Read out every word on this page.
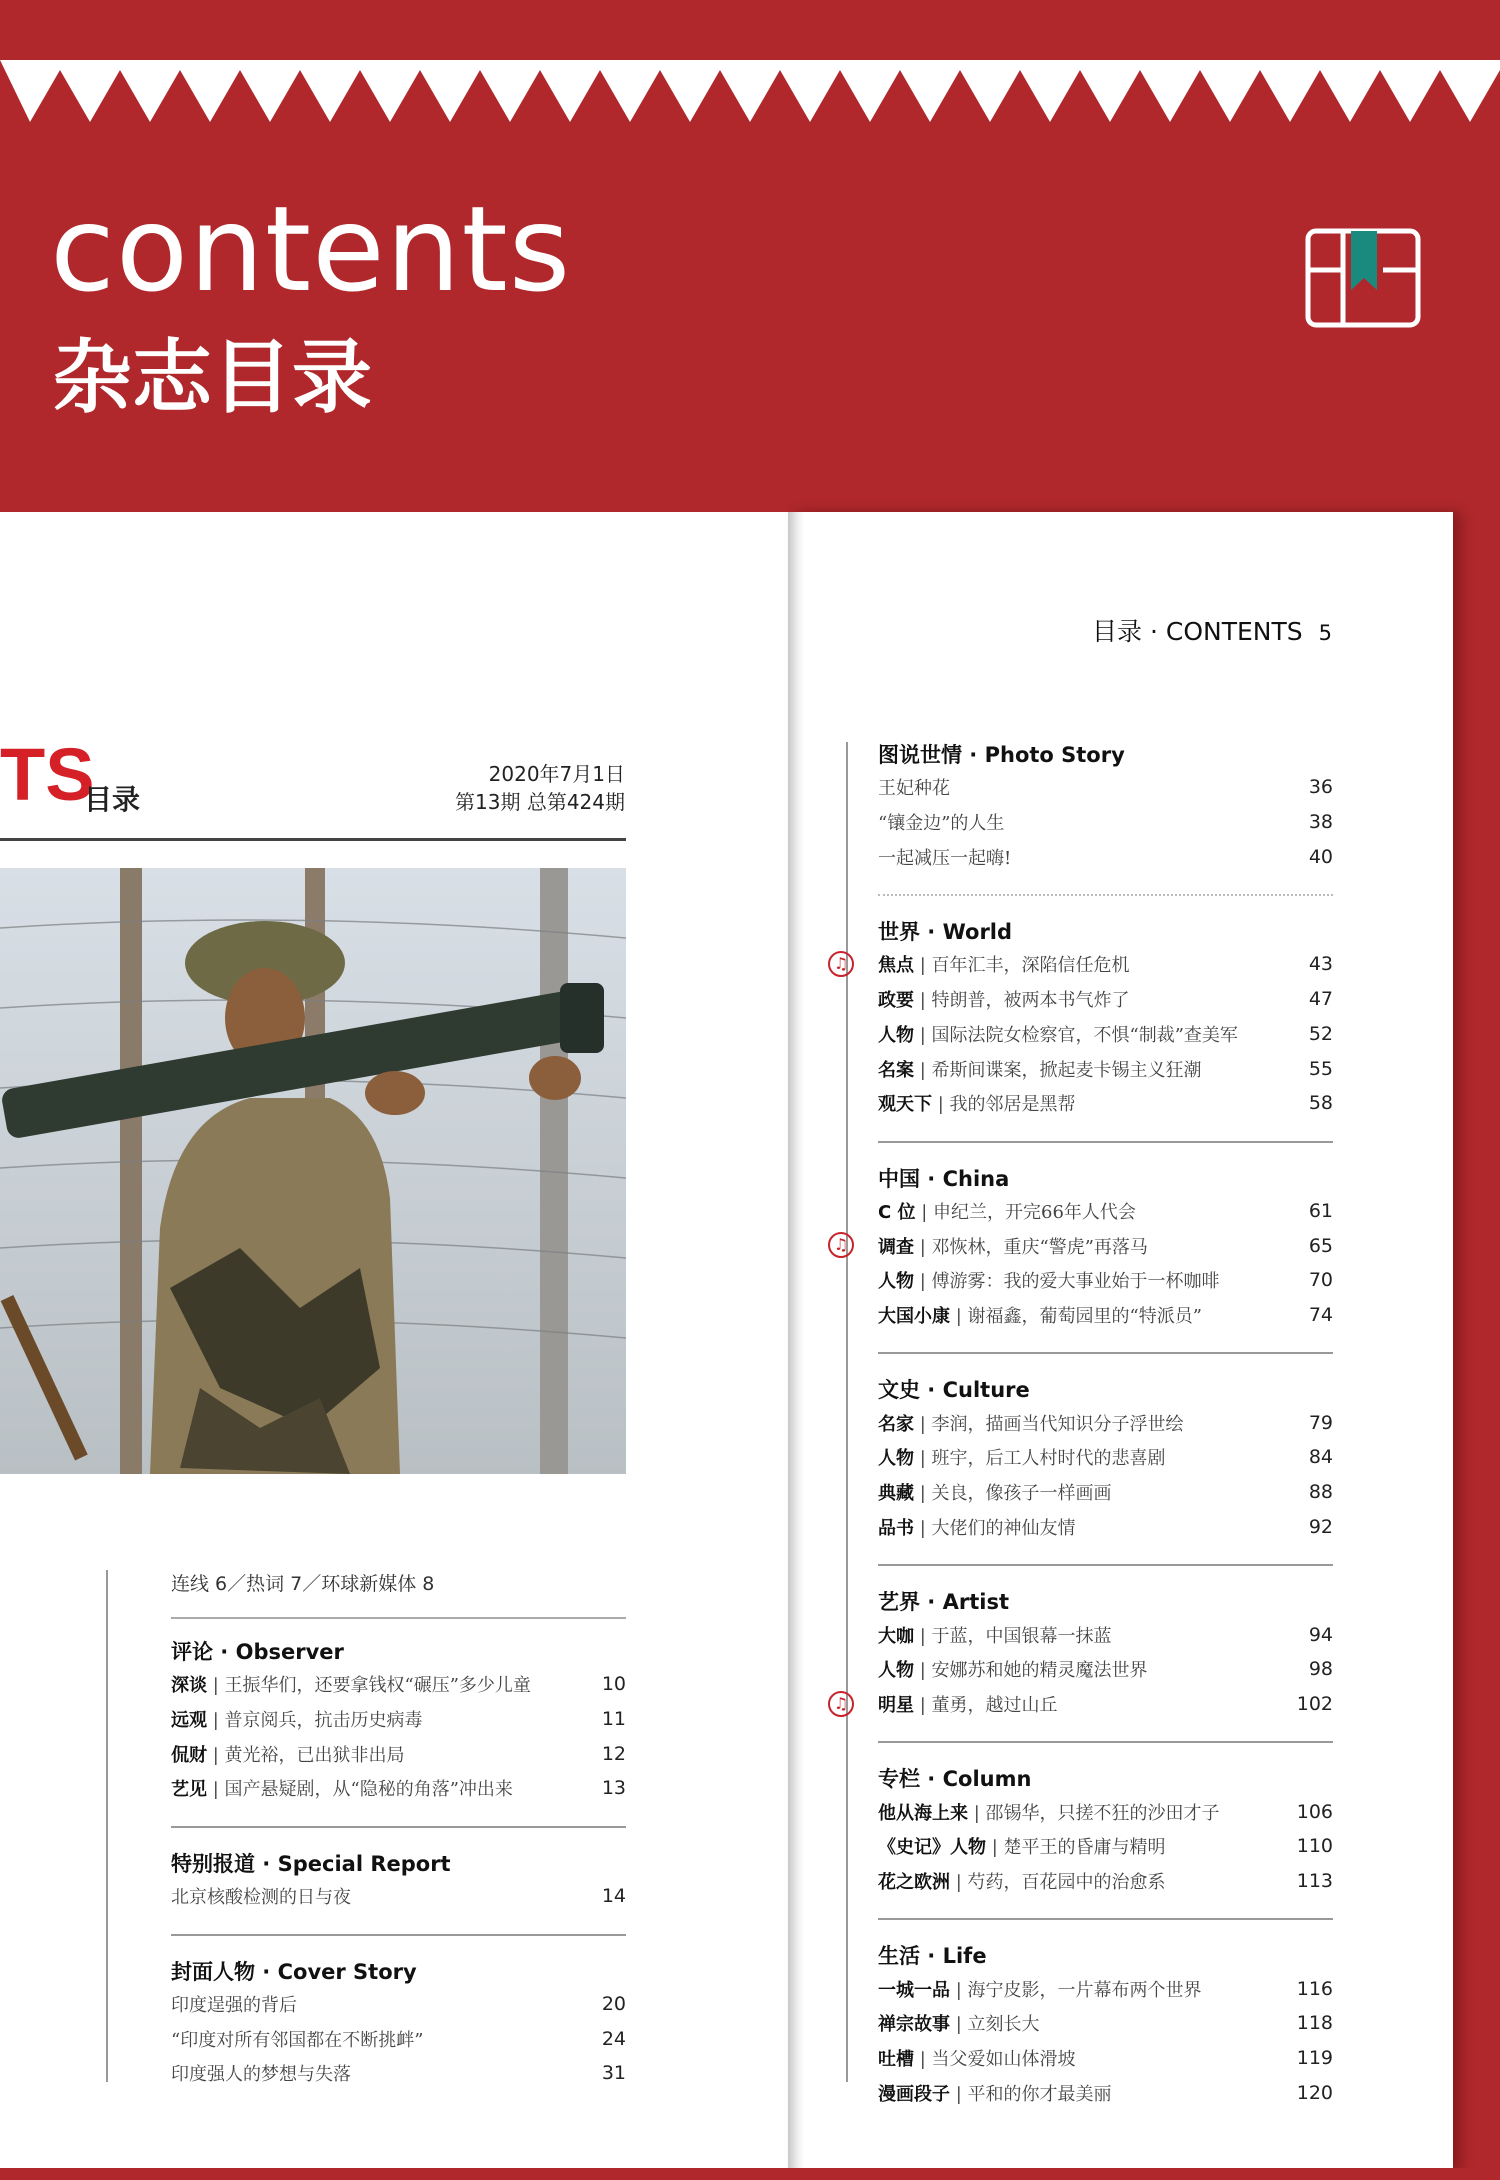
contents
杂志目录
TS
目录
2020年7月1日
第13期 总第424期
连线 6／热词 7／环球新媒体 8
评论 · Observer
深谈 | 王振华们，还要拿钱权“碾压”多少儿童	10
远观 | 普京阅兵，抗击历史病毒	11
侃财 | 黄光裕，已出狱非出局	12
艺见 | 国产悬疑剧，从“隐秘的角落”冲出来	13
特别报道 · Special Report
北京核酸检测的日与夜	14
封面人物 · Cover Story
印度逞强的背后	20
“印度对所有邻国都在不断挑衅”	24
印度强人的梦想与失落	31
目录 · CONTENTS 5
图说世情 · Photo Story
王妃种花	36
“镶金边”的人生	38
一起减压一起嗨!	40
世界 · World
♫	焦点 | 百年汇丰，深陷信任危机	43
政要 | 特朗普，被两本书气炸了	47
人物 | 国际法院女检察官，不惧“制裁”查美军	52
名案 | 希斯间谍案，掀起麦卡锡主义狂潮	55
观天下 | 我的邻居是黑帮	58
中国 · China
C 位 | 申纪兰，开完66年人代会	61
♫	调查 | 邓恢林，重庆“警虎”再落马	65
人物 | 傅游雾：我的爱大事业始于一杯咖啡	70
大国小康 | 谢福鑫，葡萄园里的“特派员”	74
文史 · Culture
名家 | 李润，描画当代知识分子浮世绘	79
人物 | 班宇，后工人村时代的悲喜剧	84
典藏 | 关良，像孩子一样画画	88
品书 | 大佬们的神仙友情	92
艺界 · Artist
大咖 | 于蓝，中国银幕一抹蓝	94
人物 | 安娜苏和她的精灵魔法世界	98
♫	明星 | 董勇，越过山丘	102
专栏 · Column
他从海上来 | 邵锡华，只搓不狂的沙田才子	106
《史记》人物 | 楚平王的昏庸与精明	110
花之欧洲 | 芍药，百花园中的治愈系	113
生活 · Life
一城一品 | 海宁皮影，一片幕布两个世界	116
禅宗故事 | 立刻长大	118
吐槽 | 当父爱如山体滑坡	119
漫画段子 | 平和的你才最美丽	120
